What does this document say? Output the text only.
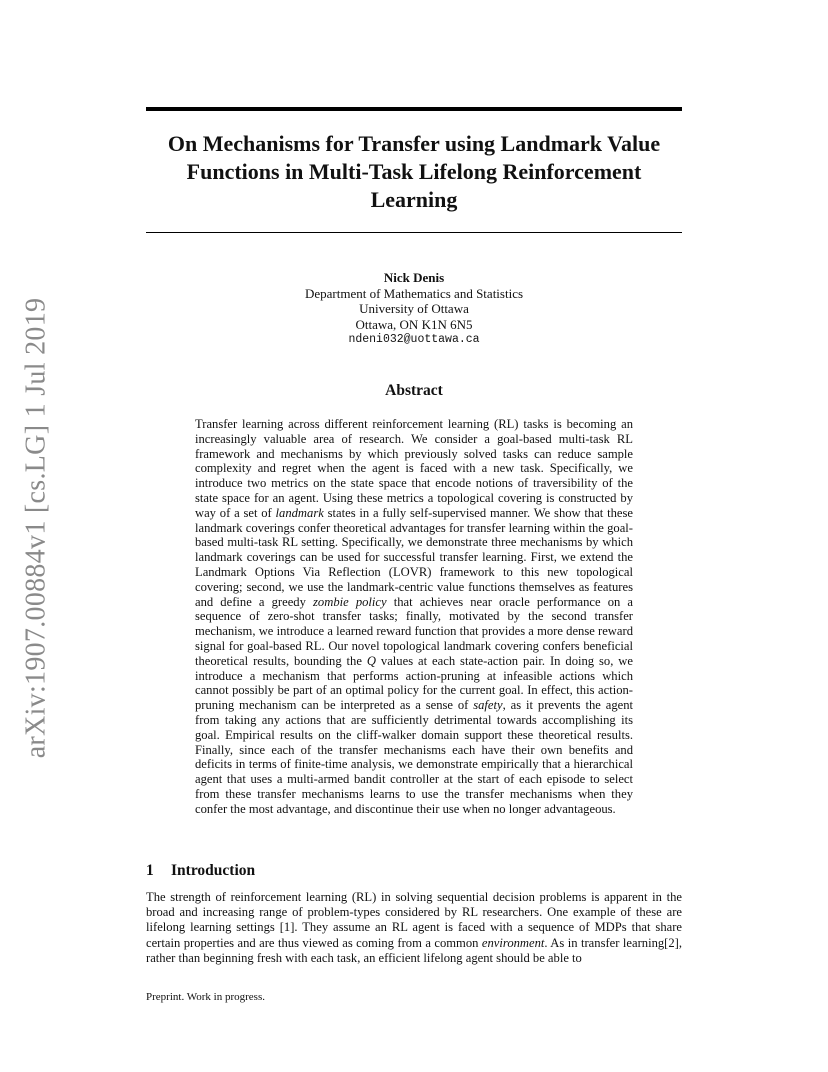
arXiv:1907.00884v1 [cs.LG] 1 Jul 2019
On Mechanisms for Transfer using Landmark Value
Functions in Multi-Task Lifelong Reinforcement
Learning
Nick Denis
Department of Mathematics and Statistics
University of Ottawa
Ottawa, ON K1N 6N5
ndeni032@uottawa.ca
Abstract

Transfer learning across different reinforcement learning (RL) tasks is becoming an increasingly valuable area of research. We consider a goal-based multi-task RL framework and mechanisms by which previously solved tasks can reduce sample complexity and regret when the agent is faced with a new task. Specifically, we introduce two metrics on the state space that encode notions of traversibility of the state space for an agent. Using these metrics a topological covering is constructed by way of a set of landmark states in a fully self-supervised manner. We show that these landmark coverings confer theoretical advantages for transfer learning within the goal-based multi-task RL setting. Specifically, we demonstrate three mechanisms by which landmark coverings can be used for successful transfer learning. First, we extend the Landmark Options Via Reflection (LOVR) framework to this new topological covering; second, we use the landmark-centric value functions themselves as features and define a greedy zombie policy that achieves near oracle performance on a sequence of zero-shot transfer tasks; finally, motivated by the second transfer mechanism, we introduce a learned reward function that provides a more dense reward signal for goal-based RL. Our novel topological landmark covering confers beneficial theoretical results, bounding the Q values at each state-action pair. In doing so, we introduce a mechanism that performs action-pruning at infeasible actions which cannot possibly be part of an optimal policy for the current goal. In effect, this action-pruning mechanism can be interpreted as a sense of safety, as it prevents the agent from taking any actions that are sufficiently detrimental towards accomplishing its goal. Empirical results on the cliff-walker domain support these theoretical results. Finally, since each of the transfer mechanisms each have their own benefits and deficits in terms of finite-time analysis, we demonstrate empirically that a hierarchical agent that uses a multi-armed bandit controller at the start of each episode to select from these transfer mechanisms learns to use the transfer mechanisms when they confer the most advantage, and discontinue their use when no longer advantageous.

1 Introduction

The strength of reinforcement learning (RL) in solving sequential decision problems is apparent in the broad and increasing range of problem-types considered by RL researchers. One example of these are lifelong learning settings [1]. They assume an RL agent is faced with a sequence of MDPs that share certain properties and are thus viewed as coming from a common environment. As in transfer learning[2], rather than beginning fresh with each task, an efficient lifelong agent should be able to

Preprint. Work in progress.
